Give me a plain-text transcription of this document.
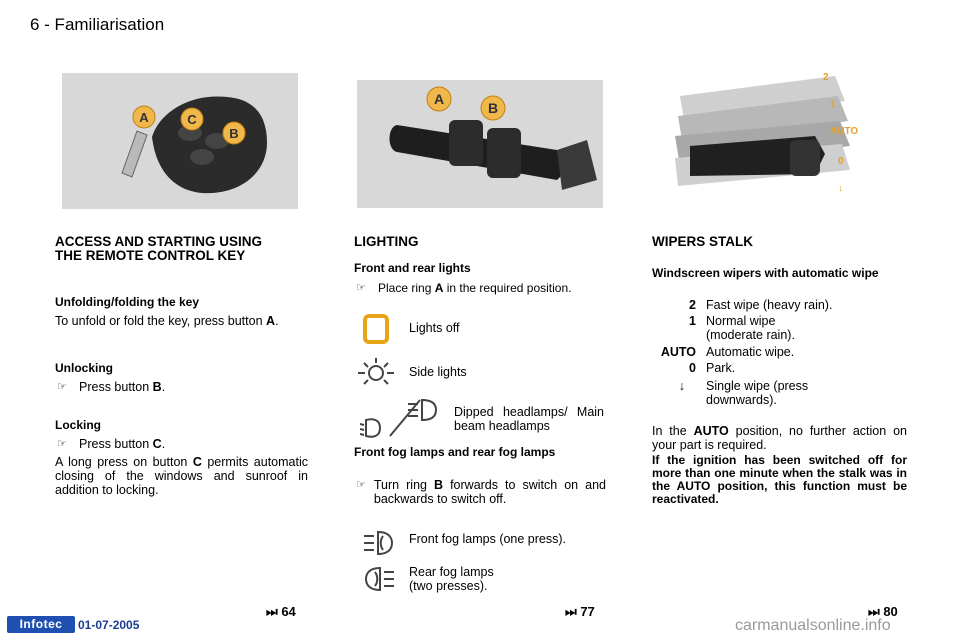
6 - Familiarisation
A	C
B
A
B
2
1
AUTO
0
↓
ACCESS AND STARTING USING THE REMOTE CONTROL KEY
Unfolding/folding the key
To unfold or fold the key, press button A.
Unlocking
☞ Press button B.
Locking
☞ Press button C.
A long press on button C permits automatic closing of the windows and sunroof in addition to locking.
LIGHTING
Front and rear lights
☞	Place ring A in the required position.
Lights off
Side lights
Dipped headlamps/ Main beam headlamps
Front fog lamps and rear fog lamps
☞ Turn ring B forwards to switch on and backwards to switch off.
Front fog lamps (one press).
Rear fog lamps (two presses).
WIPERS STALK
Windscreen wipers with automatic wipe
2 Fast wipe (heavy rain).
1 Normal wipe (moderate rain).
AUTO Automatic wipe.
0 Park.
↓ Single wipe (press downwards).
In the AUTO position, no further action on your part is required.
If the ignition has been switched off for more than one minute when the stalk was in the AUTO position, this function must be reactivated.
⏭ 64	⏭ 77	⏭ 80
Infotec	01-07-2005	carmanualsonline.info
